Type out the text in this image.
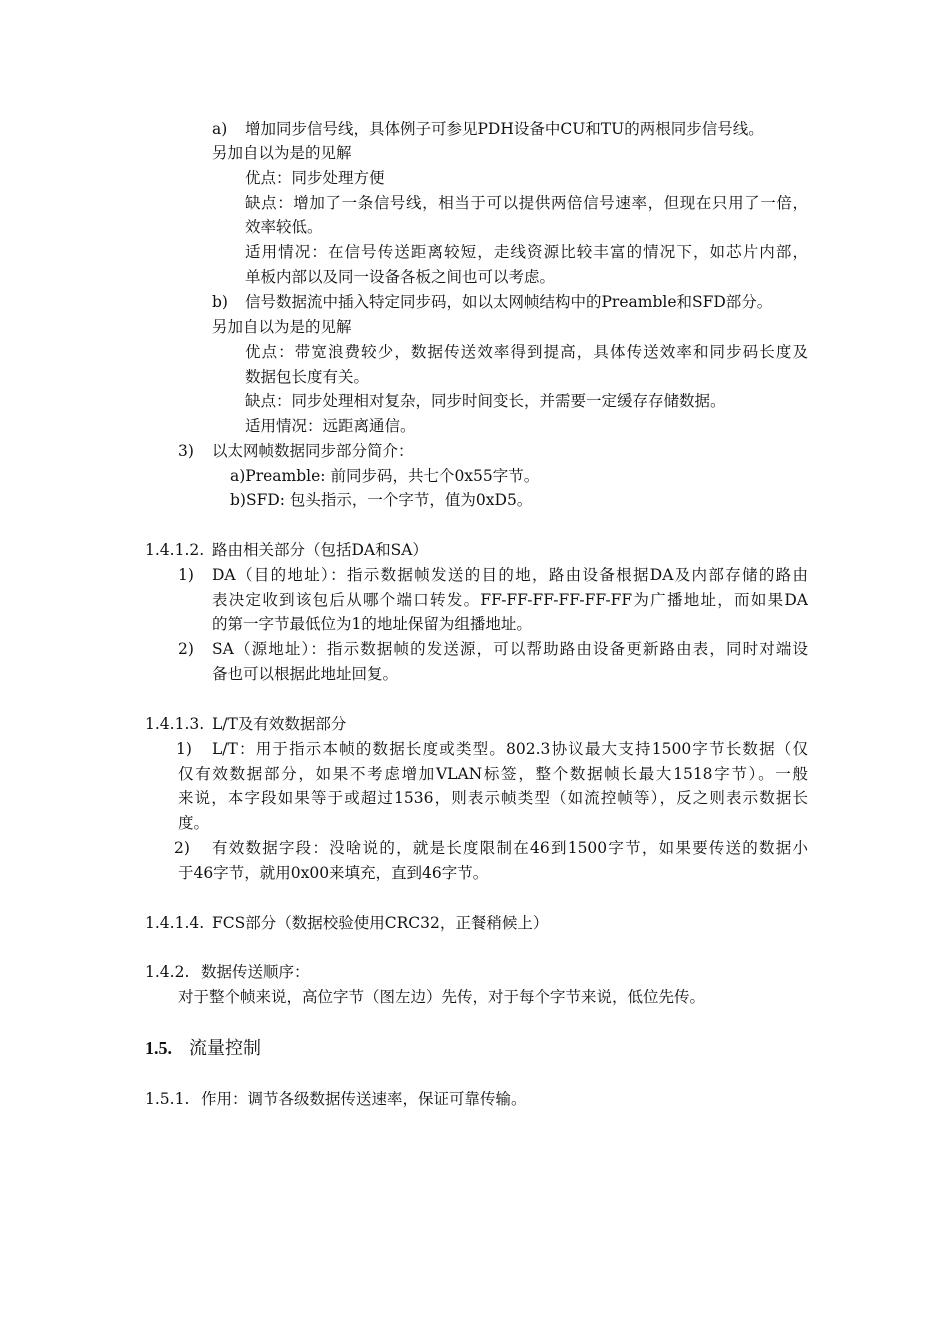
a) 增加同步信号线，具体例子可参见PDH设备中CU和TU的两根同步信号线。
另加自以为是的见解
优点：同步处理方便
缺点：增加了一条信号线，相当于可以提供两倍信号速率，但现在只用了一倍，
效率较低。
适用情况：在信号传送距离较短，走线资源比较丰富的情况下，如芯片内部，
单板内部以及同一设备各板之间也可以考虑。
b) 信号数据流中插入特定同步码，如以太网帧结构中的Preamble和SFD部分。
另加自以为是的见解
优点：带宽浪费较少，数据传送效率得到提高，具体传送效率和同步码长度及
数据包长度有关。
缺点：同步处理相对复杂，同步时间变长，并需要一定缓存存储数据。
适用情况：远距离通信。
3) 以太网帧数据同步部分简介：
a)Preamble: 前同步码，共七个0x55字节。
b)SFD: 包头指示，一个字节，值为0xD5。
1.4.1.2. 路由相关部分（包括DA和SA）
1) DA（目的地址）：指示数据帧发送的目的地，路由设备根据DA及内部存储的路由
表决定收到该包后从哪个端口转发。FF-FF-FF-FF-FF-FF为广播地址，而如果DA
的第一字节最低位为1的地址保留为组播地址。
2) SA（源地址）：指示数据帧的发送源，可以帮助路由设备更新路由表，同时对端设
备也可以根据此地址回复。
1.4.1.3. L/T及有效数据部分
1) L/T：用于指示本帧的数据长度或类型。802.3协议最大支持1500字节长数据（仅
仅有效数据部分，如果不考虑增加VLAN标签，整个数据帧长最大1518字节）。一般
来说，本字段如果等于或超过1536，则表示帧类型（如流控帧等），反之则表示数据长
度。
2) 有效数据字段：没啥说的，就是长度限制在46到1500字节，如果要传送的数据小
于46字节，就用0x00来填充，直到46字节。
1.4.1.4. FCS部分（数据校验使用CRC32，正餐稍候上）
1.4.2. 数据传送顺序：
对于整个帧来说，高位字节（图左边）先传，对于每个字节来说，低位先传。
1.5. 流量控制
1.5.1. 作用：调节各级数据传送速率，保证可靠传输。
